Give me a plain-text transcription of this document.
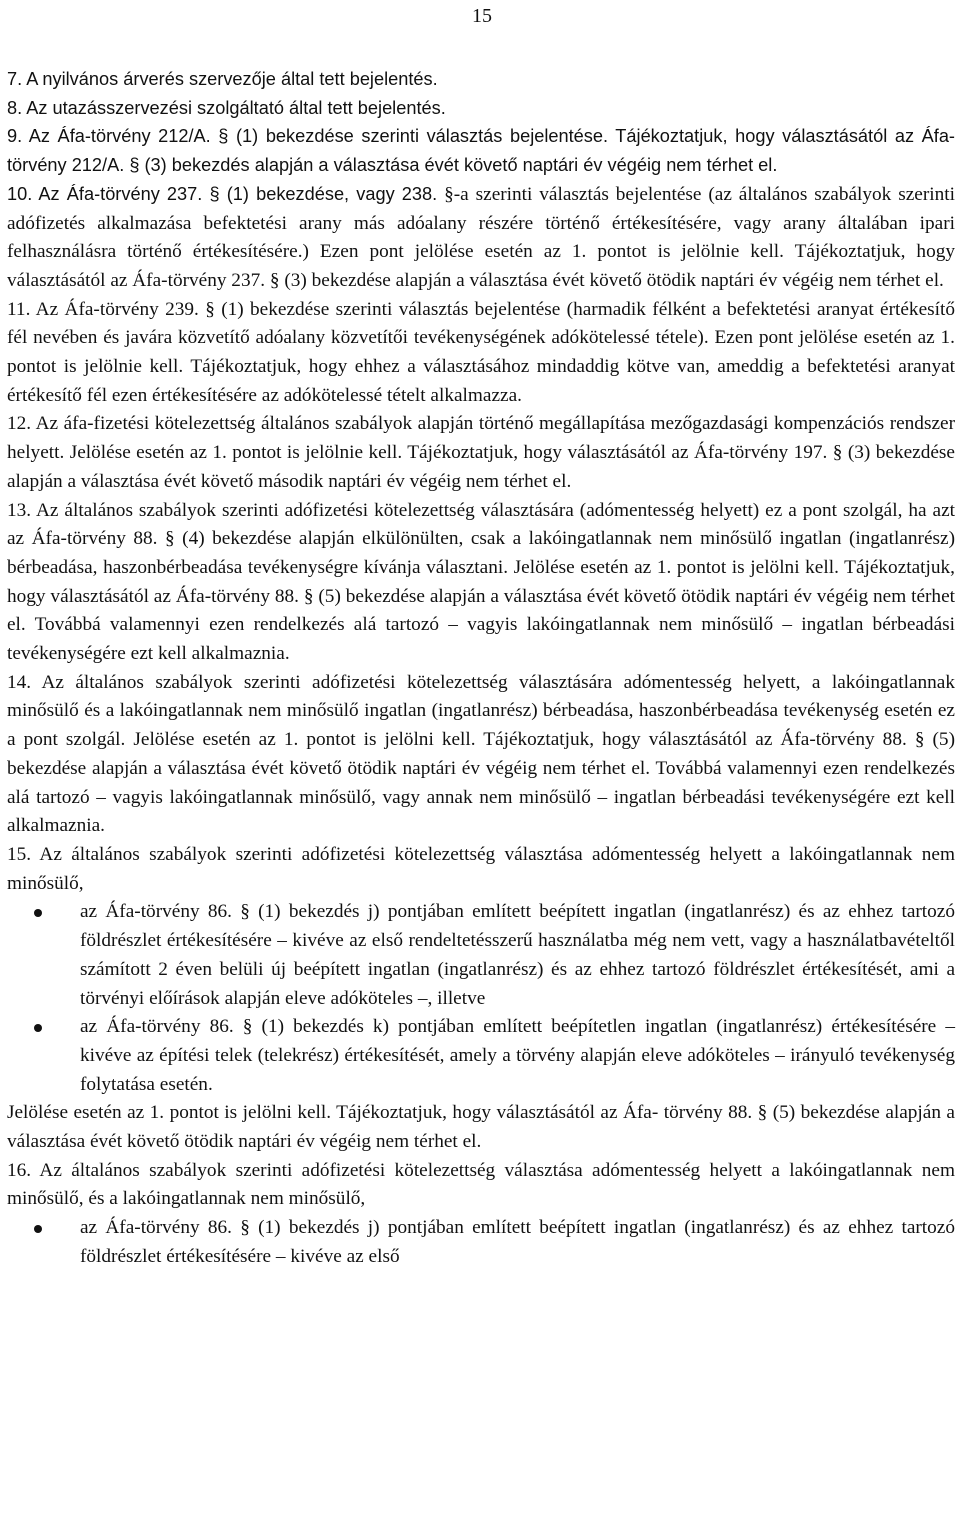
15

7. A nyilvános árverés szervezője által tett bejelentés.

8. Az utazásszervezési szolgáltató által tett bejelentés.

9. Az Áfa-törvény 212/A. § (1) bekezdése szerinti választás bejelentése. Tájékoztatjuk, hogy választásától az Áfa- törvény 212/A. § (3) bekezdés alapján a választása évét követő naptári év végéig nem térhet el.

10. Az Áfa-törvény 237. § (1) bekezdése, vagy 238. §-a szerinti választás bejelentése (az általános szabályok szerinti adófizetés alkalmazása befektetési arany más adóalany részére történő értékesítésére, vagy arany általában ipari felhasználásra történő értékesítésére.) Ezen pont jelölése esetén az 1. pontot is jelölnie kell. Tájékoztatjuk, hogy választásától az Áfa-törvény 237. § (3) bekezdése alapján a választása évét követő ötödik naptári év végéig nem térhet el.

11. Az Áfa-törvény 239. § (1) bekezdése szerinti választás bejelentése (harmadik félként a befektetési aranyat értékesítő fél nevében és javára közvetítő adóalany közvetítői tevékenységének adókötelessé tétele). Ezen pont jelölése esetén az 1. pontot is jelölnie kell. Tájékoztatjuk, hogy ehhez a választásához mindaddig kötve van, ameddig a befektetési aranyat értékesítő fél ezen értékesítésére az adókötelessé tételt alkalmazza.

12. Az áfa-fizetési kötelezettség általános szabályok alapján történő megállapítása mezőgazdasági kompenzációs rendszer helyett. Jelölése esetén az 1. pontot is jelölnie kell. Tájékoztatjuk, hogy választásától az Áfa-törvény 197. § (3) bekezdése alapján a választása évét követő második naptári év végéig nem térhet el.

13. Az általános szabályok szerinti adófizetési kötelezettség választására (adómentesség helyett) ez a pont szolgál, ha azt az Áfa-törvény 88. § (4) bekezdése alapján elkülönülten, csak a lakóingatlannak nem minősülő ingatlan (ingatlanrész) bérbeadása, haszonbérbeadása tevékenységre kívánja választani. Jelölése esetén az 1. pontot is jelölni kell. Tájékoztatjuk, hogy választásától az Áfa-törvény 88. § (5) bekezdése alapján a választása évét követő ötödik naptári év végéig nem térhet el. Továbbá valamennyi ezen rendelkezés alá tartozó – vagyis lakóingatlannak nem minősülő – ingatlan bérbeadási tevékenységére ezt kell alkalmaznia.

14. Az általános szabályok szerinti adófizetési kötelezettség választására adómentesség helyett, a lakóingatlannak minősülő és a lakóingatlannak nem minősülő ingatlan (ingatlanrész) bérbeadása, haszonbérbeadása tevékenység esetén ez a pont szolgál. Jelölése esetén az 1. pontot is jelölni kell. Tájékoztatjuk, hogy választásától az Áfa-törvény 88. § (5) bekezdése alapján a választása évét követő ötödik naptári év végéig nem térhet el. Továbbá valamennyi ezen rendelkezés alá tartozó – vagyis lakóingatlannak minősülő, vagy annak nem minősülő – ingatlan bérbeadási tevékenységére ezt kell alkalmaznia.

15. Az általános szabályok szerinti adófizetési kötelezettség választása adómentesség helyett a lakóingatlannak nem minősülő,

az Áfa-törvény 86. § (1) bekezdés j) pontjában említett beépített ingatlan (ingatlanrész) és az ehhez tartozó földrészlet értékesítésére – kivéve az első rendeltetésszerű használatba még nem vett, vagy a használatbavételtől számított 2 éven belüli új beépített ingatlan (ingatlanrész) és az ehhez tartozó földrészlet értékesítését, ami a törvényi előírások alapján eleve adóköteles –, illetve
az Áfa-törvény 86. § (1) bekezdés k) pontjában említett beépítetlen ingatlan (ingatlanrész) értékesítésére – kivéve az építési telek (telekrész) értékesítését, amely a törvény alapján eleve adóköteles – irányuló tevékenység folytatása esetén.

Jelölése esetén az 1. pontot is jelölni kell. Tájékoztatjuk, hogy választásától az Áfa- törvény 88. § (5) bekezdése alapján a választása évét követő ötödik naptári év végéig nem térhet el.

16. Az általános szabályok szerinti adófizetési kötelezettség választása adómentesség helyett a lakóingatlannak nem minősülő, és a lakóingatlannak nem minősülő,

az Áfa-törvény 86. § (1) bekezdés j) pontjában említett beépített ingatlan (ingatlanrész) és az ehhez tartozó földrészlet értékesítésére – kivéve az első
